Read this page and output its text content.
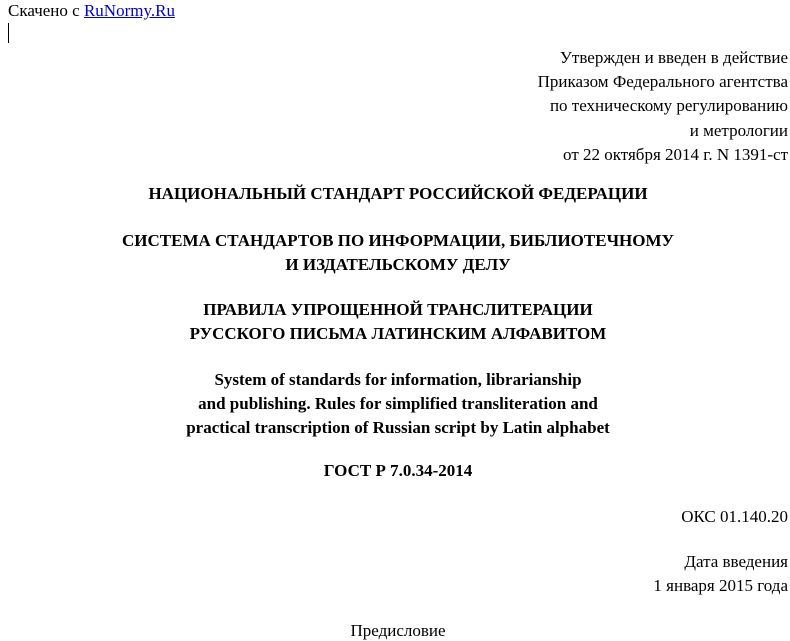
Скачено с RuNormy.Ru
Утвержден и введен в действие
Приказом Федерального агентства
по техническому регулированию
и метрологии
от 22 октября 2014 г. N 1391-ст
НАЦИОНАЛЬНЫЙ СТАНДАРТ РОССИЙСКОЙ ФЕДЕРАЦИИ
СИСТЕМА СТАНДАРТОВ ПО ИНФОРМАЦИИ, БИБЛИОТЕЧНОМУ
И ИЗДАТЕЛЬСКОМУ ДЕЛУ
ПРАВИЛА УПРОЩЕННОЙ ТРАНСЛИТЕРАЦИИ
РУССКОГО ПИСЬМА ЛАТИНСКИМ АЛФАВИТОМ
System of standards for information, librarianship
and publishing. Rules for simplified transliteration and
practical transcription of Russian script by Latin alphabet
ГОСТ Р 7.0.34-2014
ОКС 01.140.20
Дата введения
1 января 2015 года
Предисловие
